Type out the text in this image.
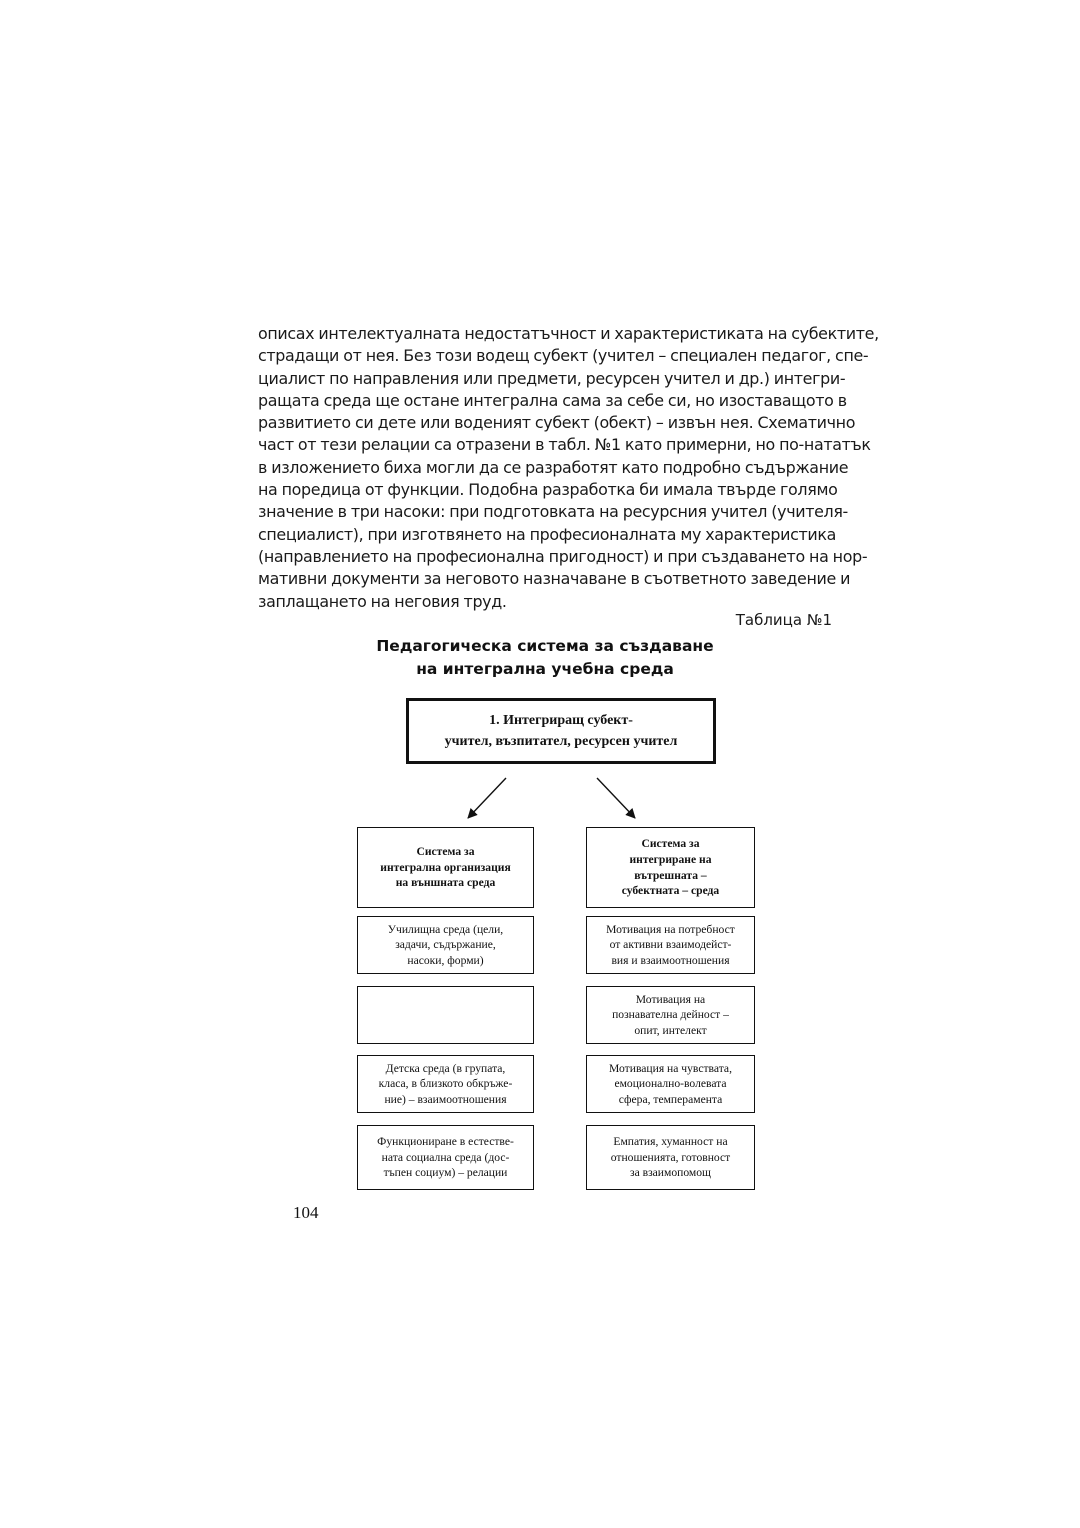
описах интелектуалната недостатъчност и характеристиката на субектите,
страдащи от нея. Без този водещ субект (учител – специален педагог, спе-
циалист по направления или предмети, ресурсен учител и др.) интегри-
ращата среда ще остане интегрална сама за себе си, но изоставащото в
развитието си дете или водeният субект (обект) – извън нея. Схематично
част от тези релации са отразени в табл. №1 като примерни, но по-нататък
в изложението биха могли да се разработят като подробно съдържание
на поредица от функции. Подобна разработка би имала твърде голямо
значение в три насоки: при подготовката на ресурсния учител (учителя-
специалист), при изготвянето на професионалната му характеристика
(направлението на професионална пригодност) и при създаването на нор-
мативни документи за неговото назначаване в съответното заведение и
заплащането на неговия труд.
Таблица №1
Педагогическа система за създаване
на интегрална учебна среда
1. Интегриращ субект-
учител, възпитател, ресурсен учител
Система за
интегрална организация
на външната среда
Училищна среда (цели,
задачи, съдържание,
насоки, форми)
Детска среда (в групата,
класа, в близкото обкръже-
ние) – взаимоотношения
Функциониране в естестве-
ната социална среда (дос-
тъпен социум) – релации
Система за
интегриране на
вътрешната –
субектната – среда
Мотивация на потребност
от активни взаимодейст-
вия и взаимоотношения
Мотивация на
познавателна дейност –
опит, интелект
Мотивация на чувствата,
емоционално-волевата
сфера, темперамента
Емпатия, хуманност на
отношенията, готовност
за взаимопомощ
104
